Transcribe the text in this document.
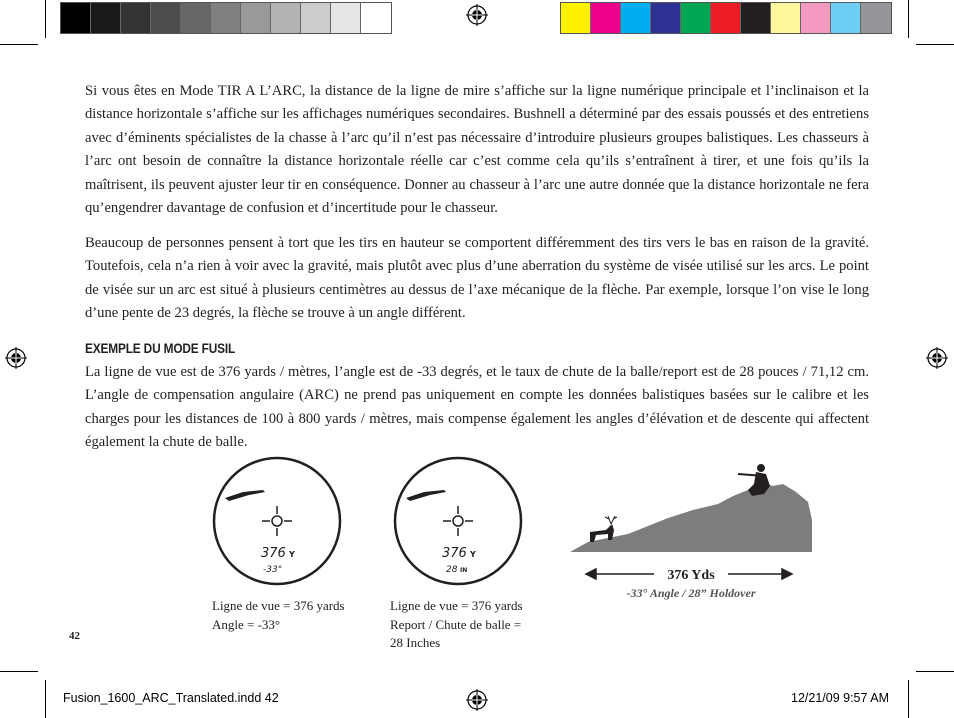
Si vous êtes en Mode TIR A L’ARC, la distance de la ligne de mire s’affiche sur la ligne numérique principale et l’inclinaison et la distance horizontale s’affiche sur les affichages numériques secondaires. Bushnell a déterminé par des essais poussés et des entretiens avec d’éminents spécialistes de la chasse à l’arc qu’il n’est pas nécessaire d’introduire plusieurs groupes balistiques. Les chasseurs à l’arc ont besoin de connaître la distance horizontale réelle car c’est comme cela qu’ils s’entraînent à tirer, et une fois qu’ils la maîtrisent, ils peuvent ajuster leur tir en conséquence. Donner au chasseur à l’arc une autre donnée que la distance horizontale ne fera qu’engendrer davantage de confusion et d’incertitude pour le chasseur.

Beaucoup de personnes pensent à tort que les tirs en hauteur se comportent différemment des tirs vers le bas en raison de la gravité. Toutefois, cela n’a rien à voir avec la gravité, mais plutôt avec plus d’une aberration du système de visée utilisé sur les arcs. Le point de visée sur un arc est situé à plusieurs centimètres au dessus de l’axe mécanique de la flèche. Par exemple, lorsque l’on vise le long d’une pente de 23 degrés, la flèche se trouve à un angle différent.

EXEMPLE DU MODE FUSIL

La ligne de vue est de 376 yards / mètres, l’angle est de -33 degrés, et le taux de chute de la balle/report est de 28 pouces / 71,12 cm. L’angle de compensation angulaire (ARC) ne prend pas uniquement en compte les données balistiques basées sur le calibre et les charges pour les distances de 100 à 800 yards / mètres, mais compense également les angles d’élévation et de descente qui affectent également la chute de balle.

376 Y
-33°
Ligne de vue = 376 yards
Angle = -33°
376 Y
28 IN
Ligne de vue = 376 yards
Report / Chute de balle =
28 Inches
376 Yds
-33° Angle / 28” Holdover
42
Fusion_1600_ARC_Translated.indd 42	12/21/09 9:57 AM
